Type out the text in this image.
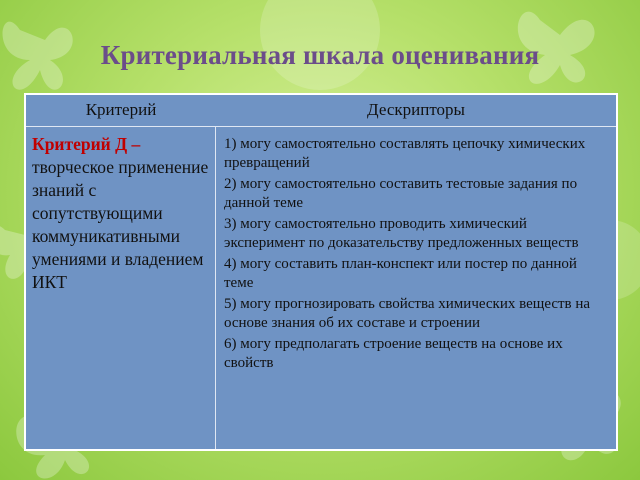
Критериальная шкала оценивания
Критерий	Дескрипторы
Критерий Д – творческое применение знаний с сопутствующими коммуникативными умениями и владением ИКТ
1) могу самостоятельно составлять цепочку химических превращений
2) могу самостоятельно составить тестовые задания по данной теме
3) могу самостоятельно проводить химический эксперимент по доказательству предложенных веществ
4) могу составить план-конспект или постер по данной теме
5) могу прогнозировать свойства химических веществ на основе знания об их составе и строении
6) могу предполагать строение веществ на основе их свойств
